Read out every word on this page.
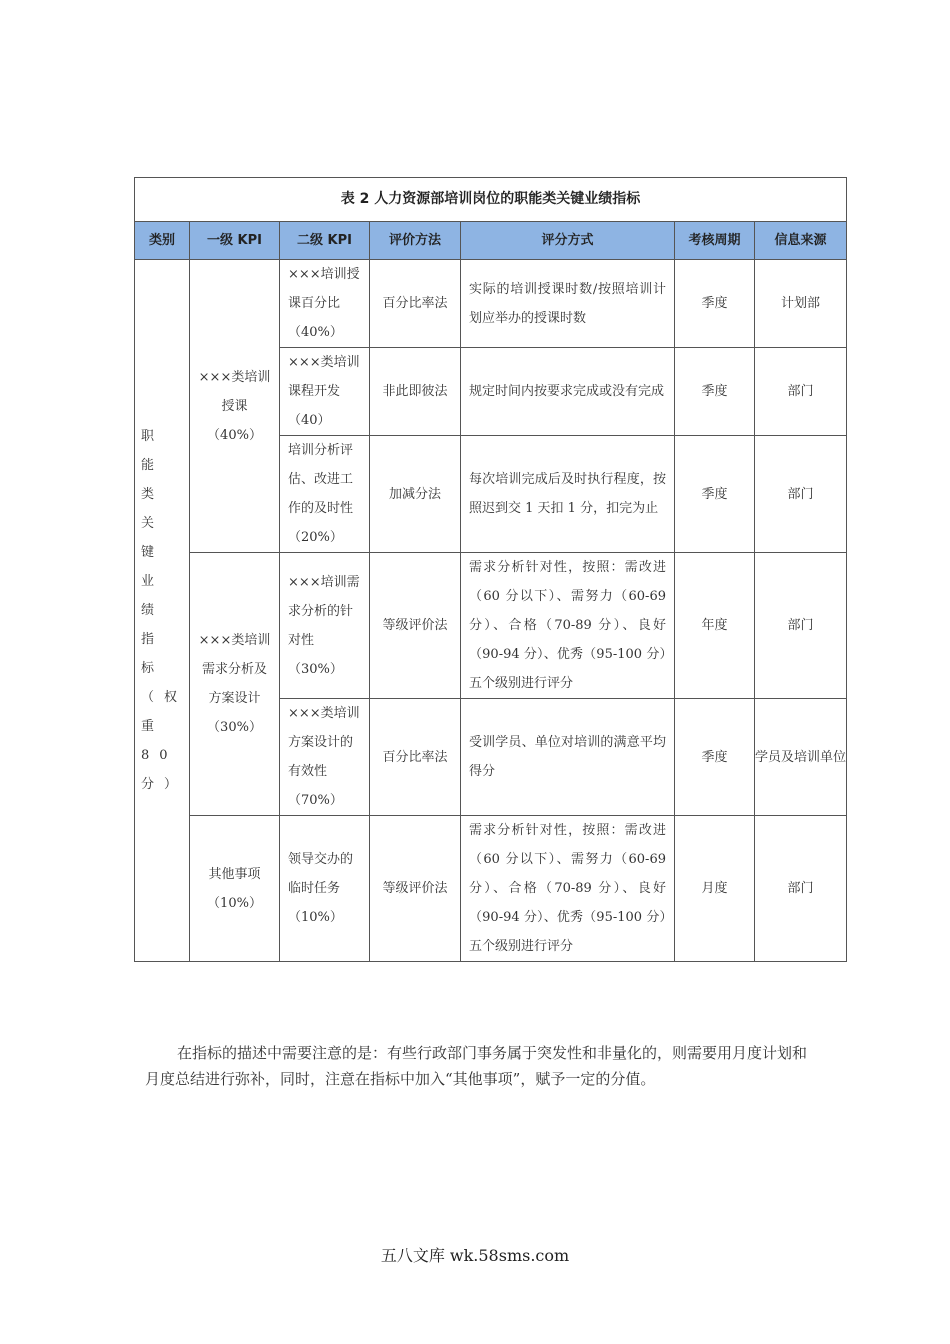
表 2 人力资源部培训岗位的职能类关键业绩指标						
类别	一级 KPI	二级 KPI	评价方法	评分方式	考核周期	信息来源
职能类关键业绩指标（权重 80 分）	×××类培训授课（40%）	×××培训授课百分比（40%）	百分比率法	实际的培训授课时数/按照培训计划应举办的授课时数	季度	计划部
		×××类培训课程开发（40）	非此即彼法	规定时间内按要求完成或没有完成	季度	部门
		培训分析评估、改进工作的及时性（20%）	加减分法	每次培训完成后及时执行程度，按照迟到交 1 天扣 1 分，扣完为止	季度	部门
	×××类培训需求分析及方案设计（30%）	×××培训需求分析的针对性（30%）	等级评价法	需求分析针对性，按照：需改进（60 分以下）、需努力（60-69 分）、合格（70-89 分）、良好（90-94 分）、优秀（95-100 分）五个级别进行评分	年度	部门
		×××类培训方案设计的有效性（70%）	百分比率法	受训学员、单位对培训的满意平均得分	季度	学员及培训单位
	其他事项（10%）	领导交办的临时任务（10%）	等级评价法	需求分析针对性，按照：需改进（60 分以下）、需努力（60-69 分）、合格（70-89 分）、良好（90-94 分）、优秀（95-100 分）五个级别进行评分	月度	部门

在指标的描述中需要注意的是：有些行政部门事务属于突发性和非量化的，则需要用月度计划和月度总结进行弥补，同时，注意在指标中加入“其他事项”，赋予一定的分值。

五八文库 wk.58sms.com
